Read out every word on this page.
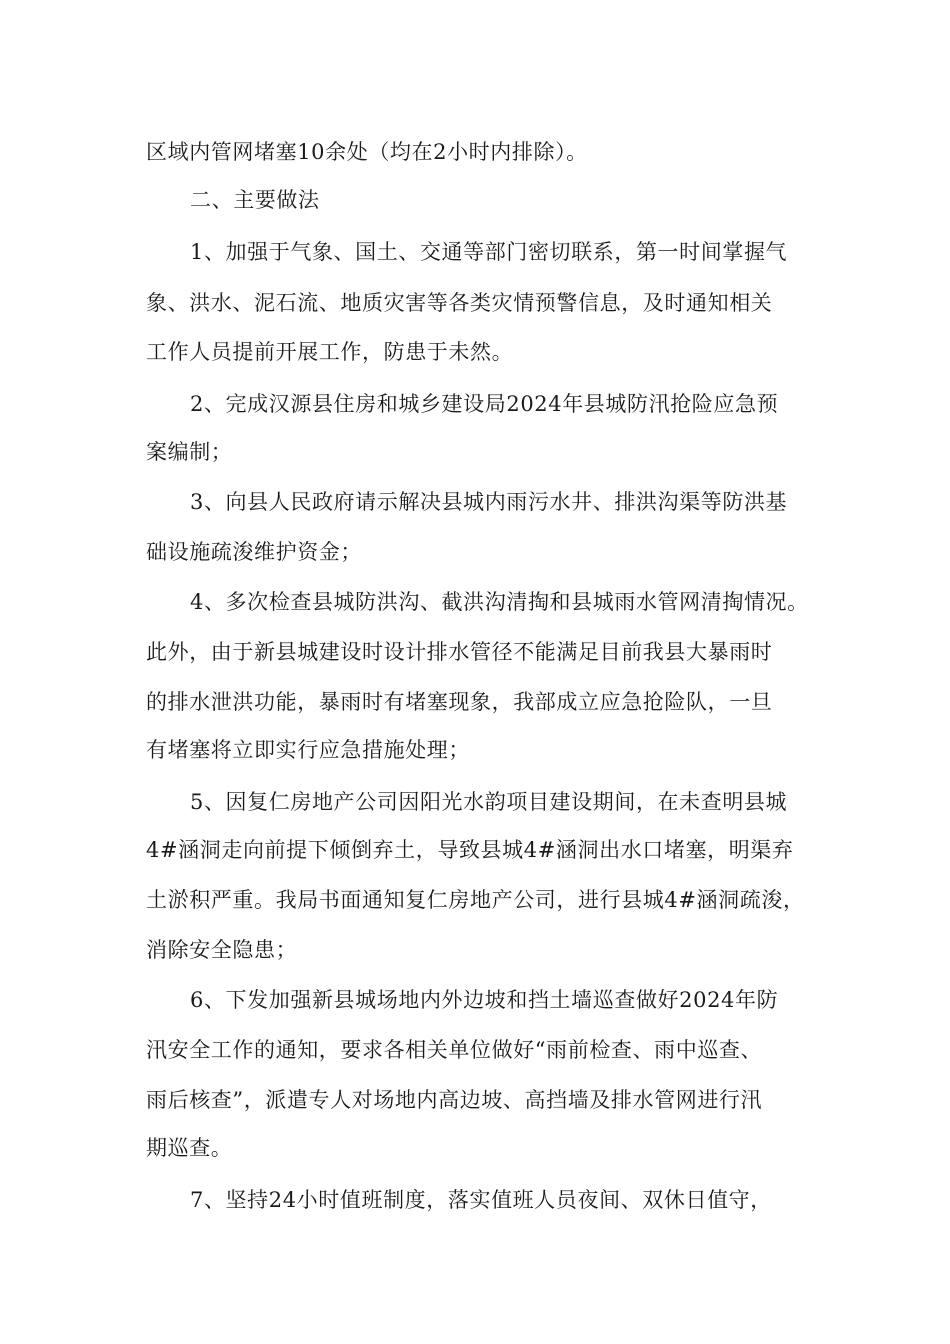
区域内管网堵塞10余处（均在2小时内排除）。
二、主要做法
1、加强于气象、国土、交通等部门密切联系，第一时间掌握气
象、洪水、泥石流、地质灾害等各类灾情预警信息，及时通知相关
工作人员提前开展工作，防患于未然。
2、完成汉源县住房和城乡建设局2024年县城防汛抢险应急预
案编制；
3、向县人民政府请示解决县城内雨污水井、排洪沟渠等防洪基
础设施疏浚维护资金；
4、多次检查县城防洪沟、截洪沟清掏和县城雨水管网清掏情况。
此外，由于新县城建设时设计排水管径不能满足目前我县大暴雨时
的排水泄洪功能，暴雨时有堵塞现象，我部成立应急抢险队，一旦
有堵塞将立即实行应急措施处理；
5、因复仁房地产公司因阳光水韵项目建设期间，在未查明县城
4#涵洞走向前提下倾倒弃土，导致县城4#涵洞出水口堵塞，明渠弃
土淤积严重。我局书面通知复仁房地产公司，进行县城4#涵洞疏浚，
消除安全隐患；
6、下发加强新县城场地内外边坡和挡土墙巡查做好2024年防
汛安全工作的通知，要求各相关单位做好“雨前检查、雨中巡查、
雨后核查”，派遣专人对场地内高边坡、高挡墙及排水管网进行汛
期巡查。
7、坚持24小时值班制度，落实值班人员夜间、双休日值守，
